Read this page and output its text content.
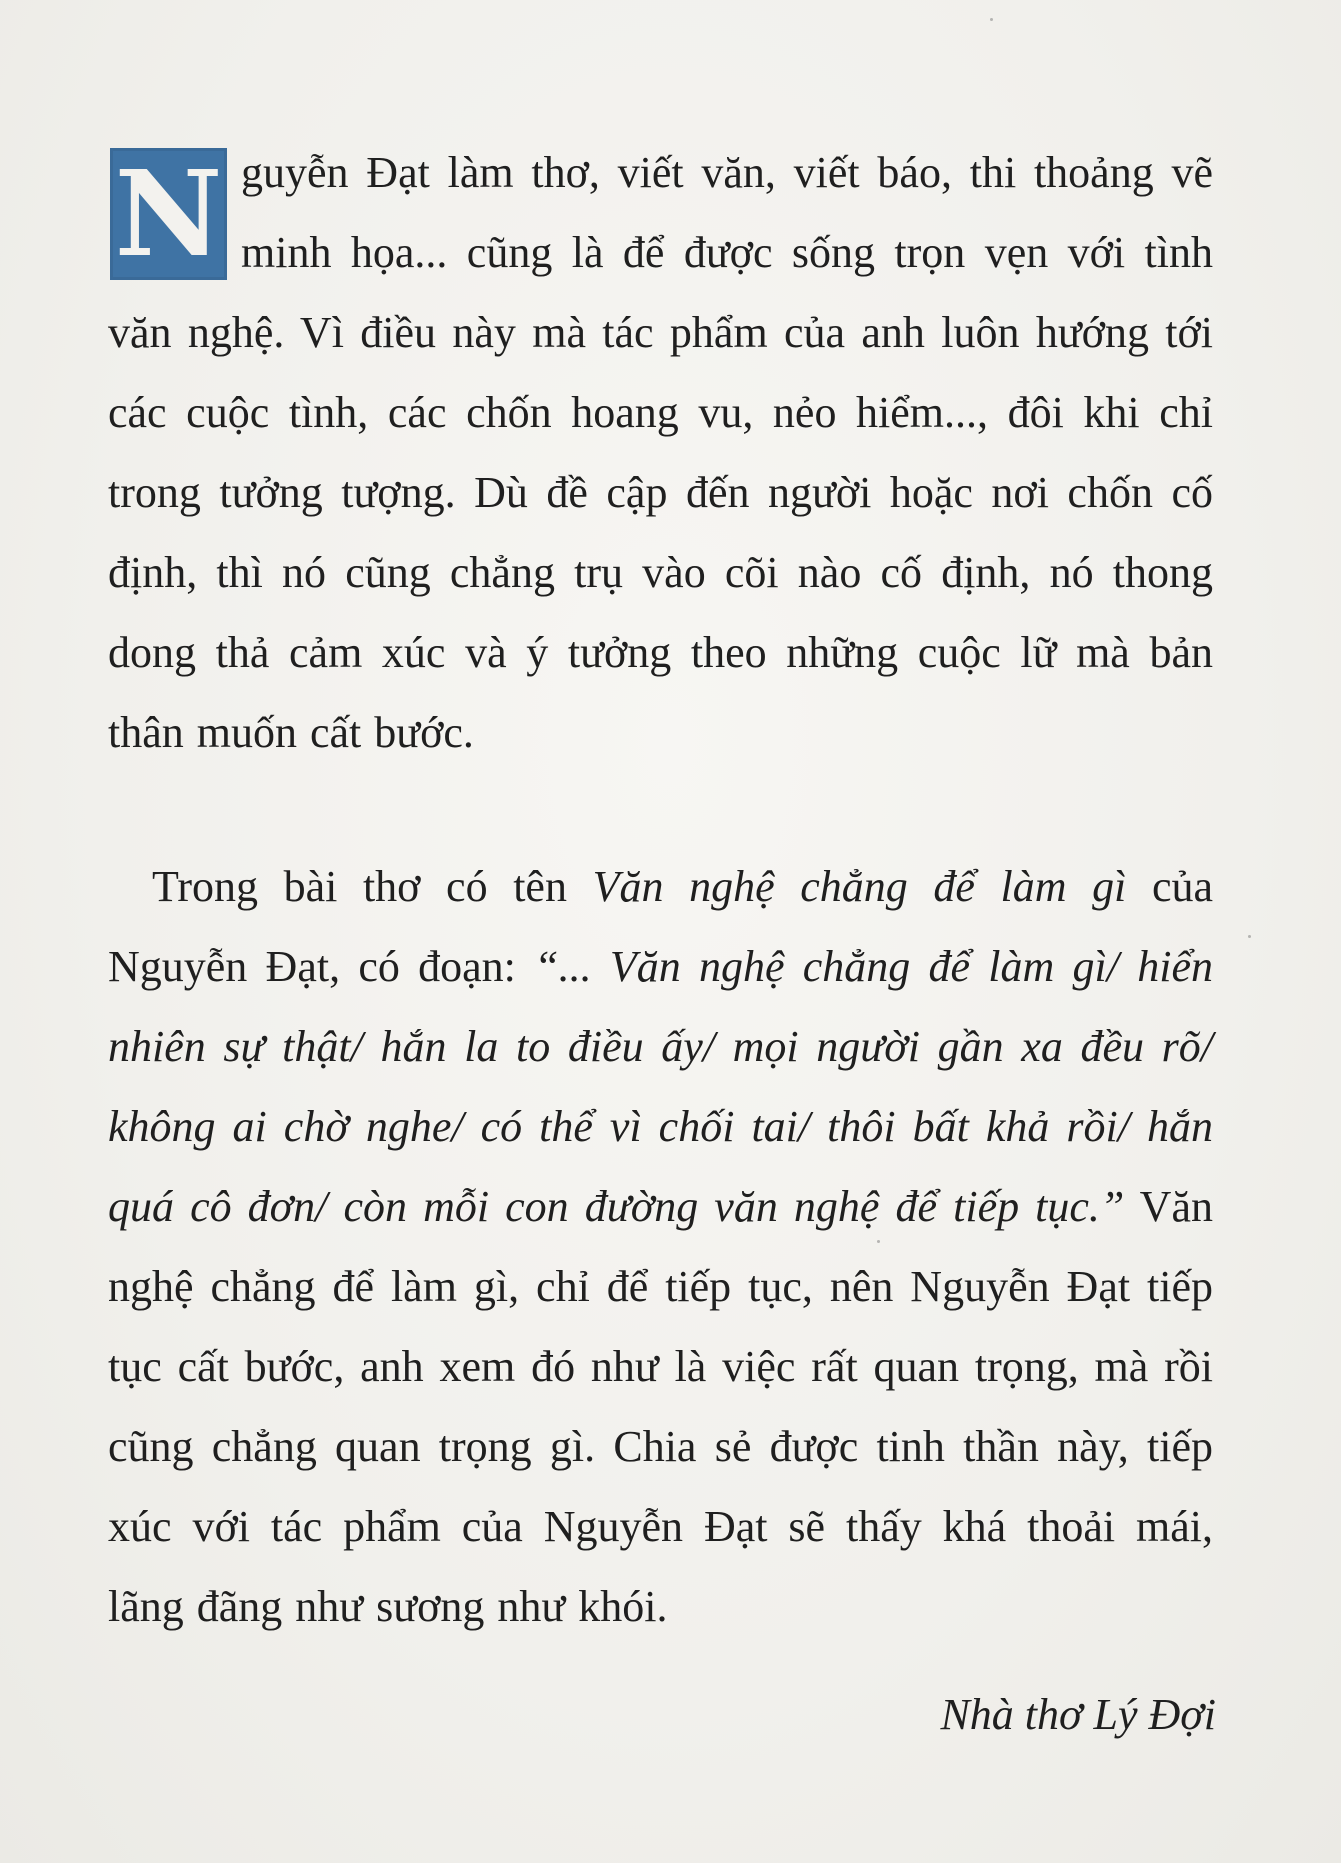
N guyễn Đạt làm thơ, viết văn, viết báo, thi thoảng vẽ minh họa... cũng là để được sống trọn vẹn với tình văn nghệ. Vì điều này mà tác phẩm của anh luôn hướng tới các cuộc tình, các chốn hoang vu, nẻo hiểm..., đôi khi chỉ trong tưởng tượng. Dù đề cập đến người hoặc nơi chốn cố định, thì nó cũng chẳng trụ vào cõi nào cố định, nó thong dong thả cảm xúc và ý tưởng theo những cuộc lữ mà bản thân muốn cất bước.
Trong bài thơ có tên Văn nghệ chẳng để làm gì của Nguyễn Đạt, có đoạn: “... Văn nghệ chẳng để làm gì/ hiển nhiên sự thật/ hắn la to điều ấy/ mọi người gần xa đều rõ/ không ai chờ nghe/ có thể vì chối tai/ thôi bất khả rồi/ hắn quá cô đơn/ còn mỗi con đường văn nghệ để tiếp tục.” Văn nghệ chẳng để làm gì, chỉ để tiếp tục, nên Nguyễn Đạt tiếp tục cất bước, anh xem đó như là việc rất quan trọng, mà rồi cũng chẳng quan trọng gì. Chia sẻ được tinh thần này, tiếp xúc với tác phẩm của Nguyễn Đạt sẽ thấy khá thoải mái, lãng đãng như sương như khói.
Nhà thơ Lý Đợi
